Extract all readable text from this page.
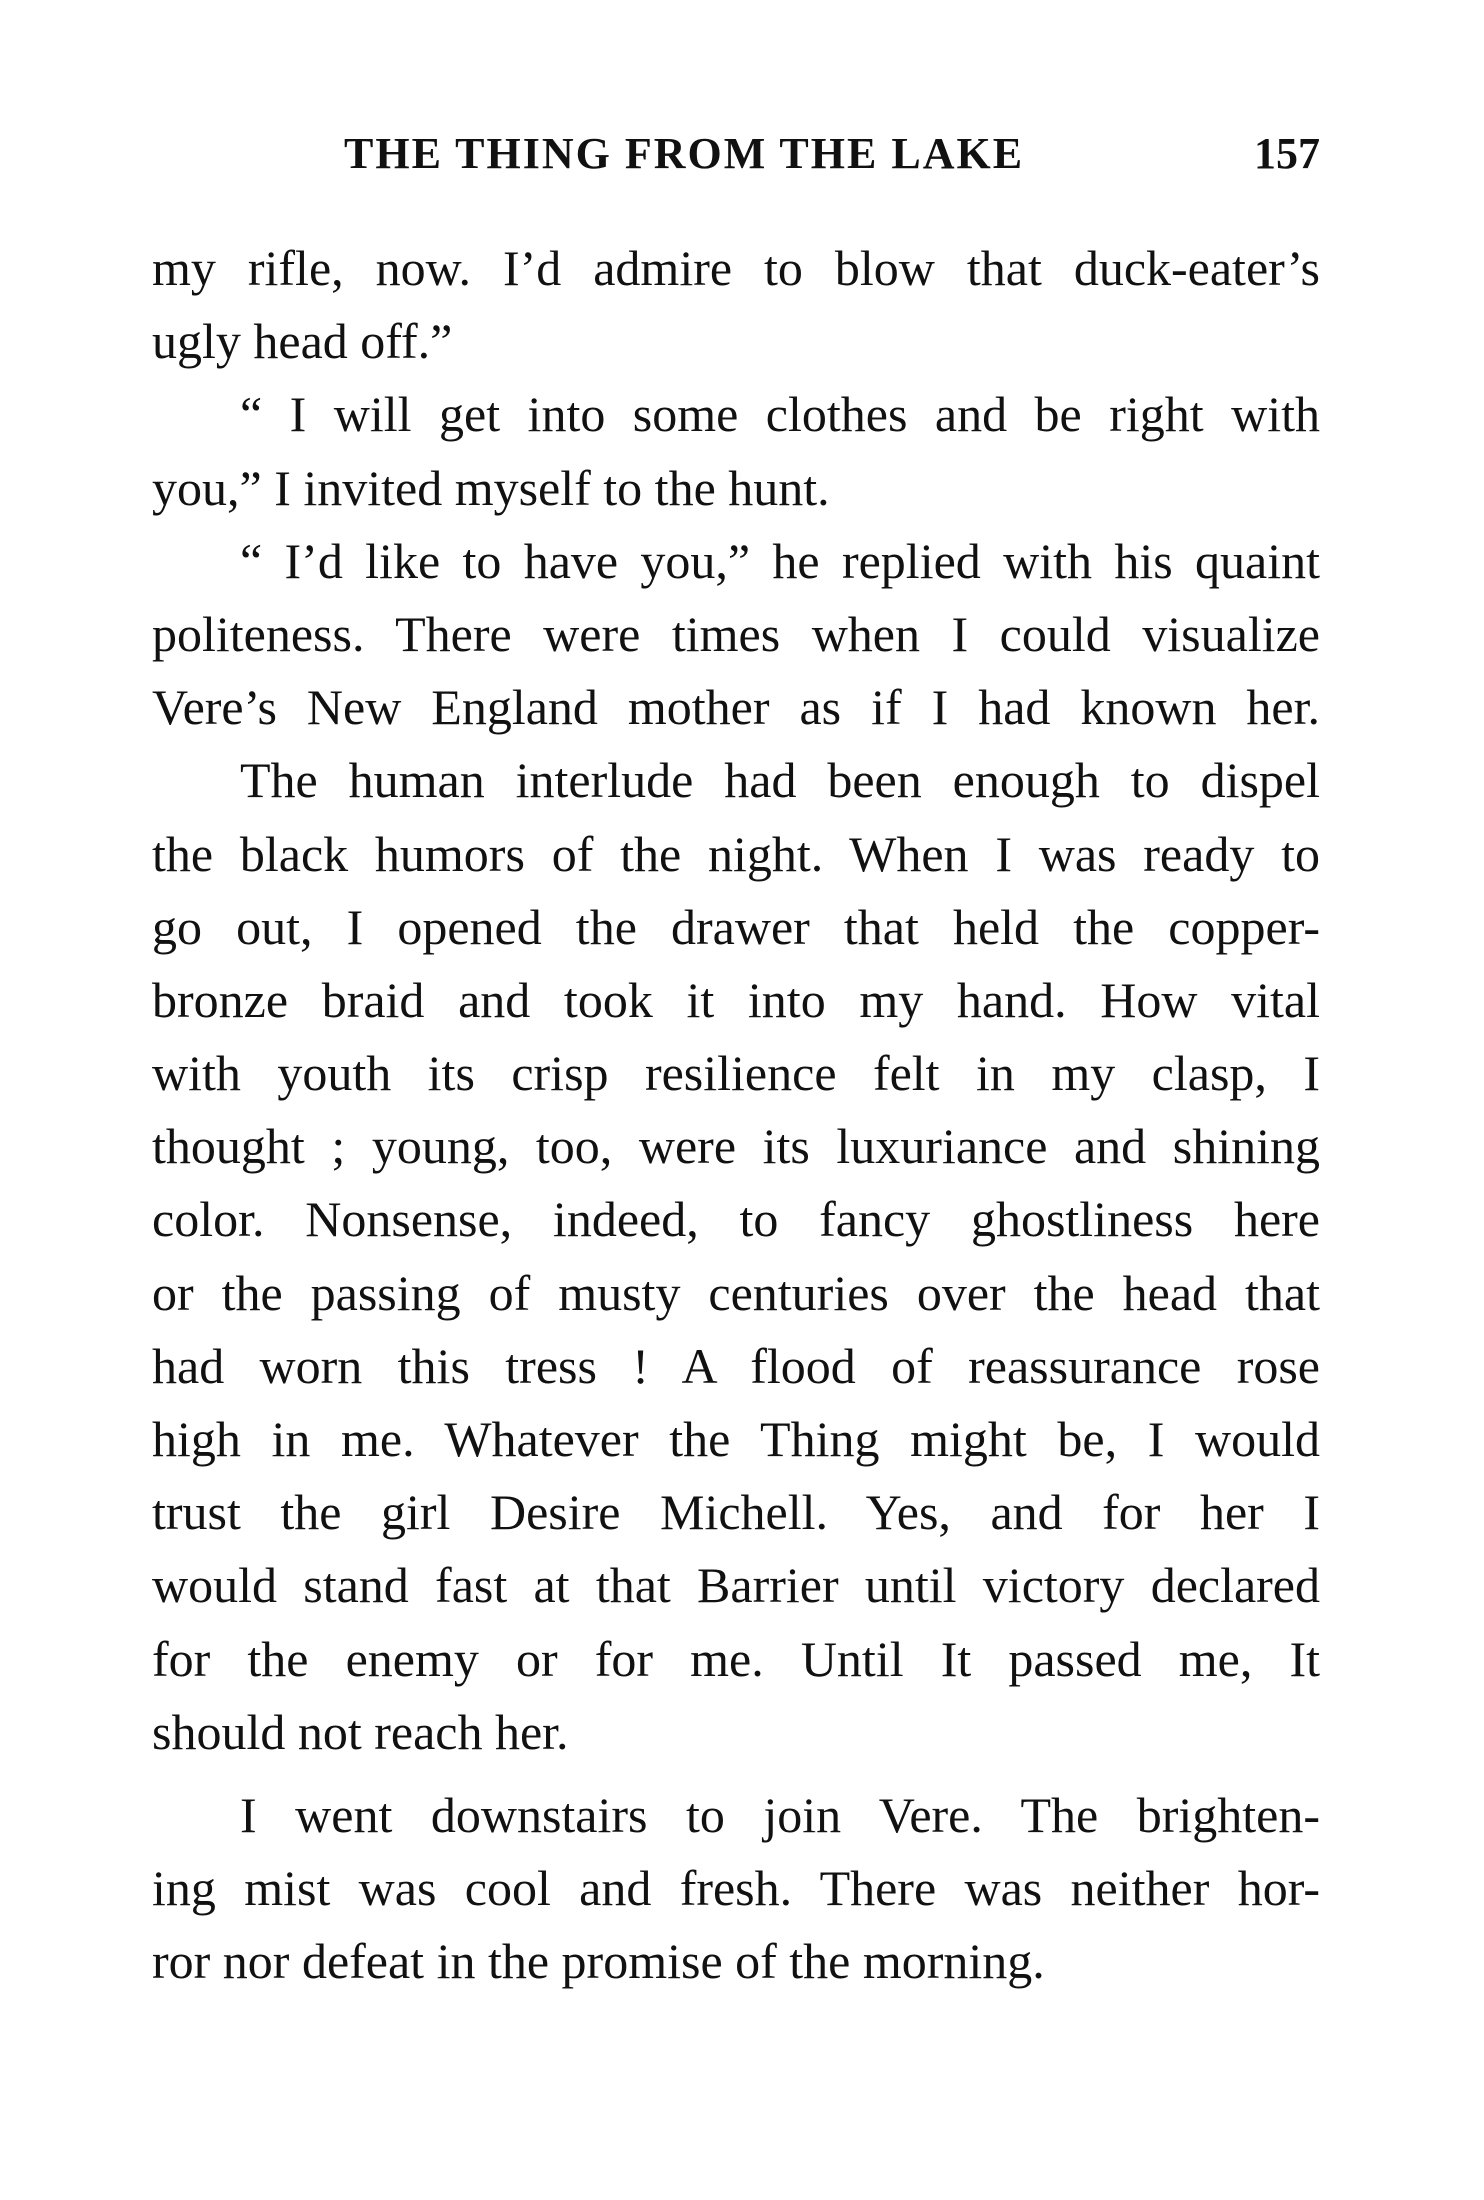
THE THING FROM THE LAKE	157
my rifle, now. I’d admire to blow that duck-eater’s
ugly head off.”
“ I will get into some clothes and be right with
you,” I invited myself to the hunt.
“ I’d like to have you,” he replied with his quaint
politeness. There were times when I could visualize
Vere’s New England mother as if I had known her.
The human interlude had been enough to dispel
the black humors of the night. When I was ready to
go out, I opened the drawer that held the copper-
bronze braid and took it into my hand. How vital
with youth its crisp resilience felt in my clasp, I
thought ; young, too, were its luxuriance and shining
color. Nonsense, indeed, to fancy ghostliness here
or the passing of musty centuries over the head that
had worn this tress ! A flood of reassurance rose
high in me. Whatever the Thing might be, I would
trust the girl Desire Michell. Yes, and for her I
would stand fast at that Barrier until victory declared
for the enemy or for me. Until It passed me, It
should not reach her.
I went downstairs to join Vere. The brighten-
ing mist was cool and fresh. There was neither hor-
ror nor defeat in the promise of the morning.
